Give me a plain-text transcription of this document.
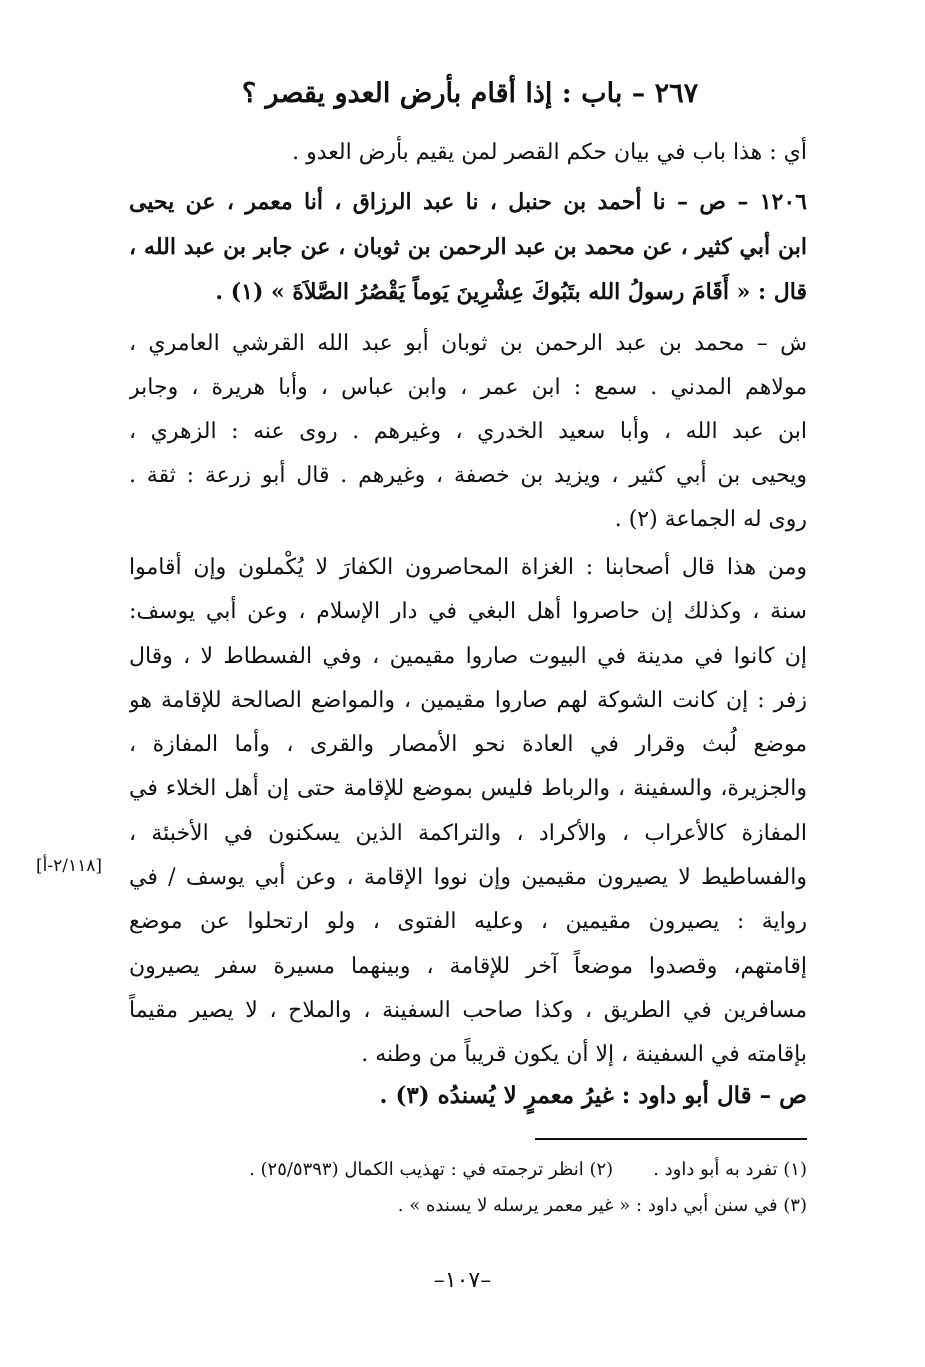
٢٦٧ – باب : إذا أقام بأرض العدو يقصر ؟
أي : هذا باب في بيان حكم القصر لمن يقيم بأرض العدو .
١٢٠٦ – ص – نا أحمد بن حنبل ، نا عبد الرزاق ، أنا معمر ، عن يحيى
ابن أبي كثير ، عن محمد بن عبد الرحمن بن ثوبان ، عن جابر بن عبد الله ،
قال : « أَقَامَ رسولُ الله بتَبُوكَ عِشْرِينَ يَوماً يَقْصُرُ الصَّلاَةَ » (١) .
ش – محمد بن عبد الرحمن بن ثوبان أبو عبد الله القرشي العامري ،
مولاهم المدني . سمع : ابن عمر ، وابن عباس ، وأبا هريرة ، وجابر
ابن عبد الله ، وأبا سعيد الخدري ، وغيرهم . روى عنه : الزهري ،
ويحيى بن أبي كثير ، ويزيد بن خصفة ، وغيرهم . قال أبو زرعة : ثقة .
روى له الجماعة (٢) .
ومن هذا قال أصحابنا : الغزاة المحاصرون الكفارَ لا يُكْملون وإن أقاموا
سنة ، وكذلك إن حاصروا أهل البغي في دار الإسلام ، وعن أبي يوسف:
إن كانوا في مدينة في البيوت صاروا مقيمين ، وفي الفسطاط لا ، وقال
زفر : إن كانت الشوكة لهم صاروا مقيمين ، والمواضع الصالحة للإقامة هو
موضع لُبث وقرار في العادة نحو الأمصار والقرى ، وأما المفازة ،
والجزيرة، والسفينة ، والرباط فليس بموضع للإقامة حتى إن أهل الخلاء في
المفازة كالأعراب ، والأكراد ، والتراكمة الذين يسكنون في الأخبئة ،
والفساطيط لا يصيرون مقيمين وإن نووا الإقامة ، وعن أبي يوسف / في
رواية : يصيرون مقيمين ، وعليه الفتوى ، ولو ارتحلوا عن موضع
إقامتهم، وقصدوا موضعاً آخر للإقامة ، وبينهما مسيرة سفر يصيرون
مسافرين في الطريق ، وكذا صاحب السفينة ، والملاح ، لا يصير مقيماً
بإقامته في السفينة ، إلا أن يكون قريباً من وطنه .
[٢/١١٨-أ]
ص – قال أبو داود : غيرُ معمرٍ لا يُسندُه (٣) .
(١) تفرد به أبو داود .(٢) انظر ترجمته في : تهذيب الكمال (٢٥/٥٣٩٣) .
(٣) في سنن أبي داود : « غير معمر يرسله لا يسنده » .
–١٠٧–
